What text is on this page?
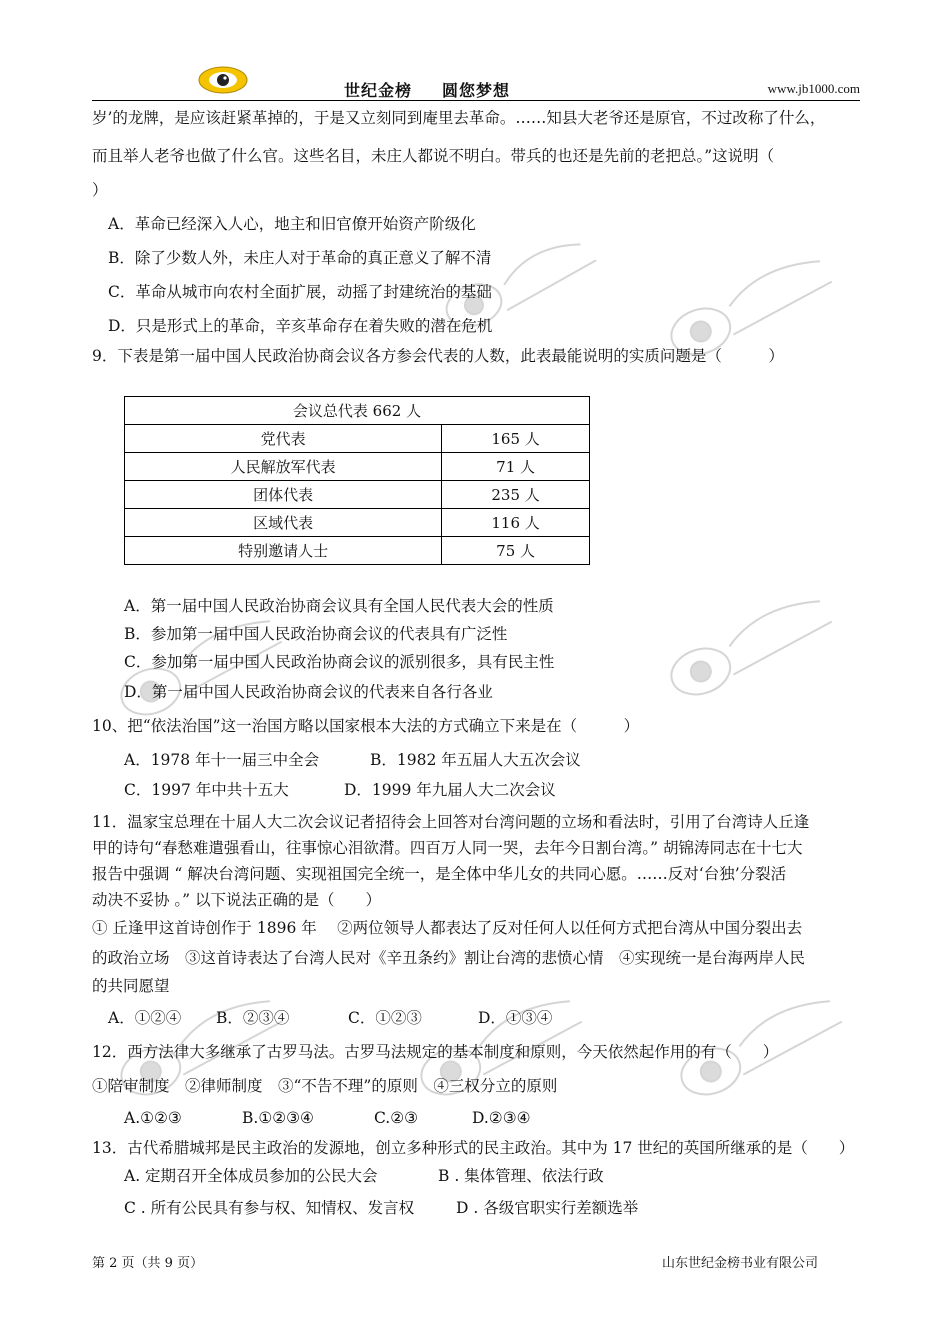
世纪金榜 圆您梦想	www.jb1000.com
岁’的龙牌，是应该赶紧革掉的，于是又立刻同到庵里去革命。……知县大老爷还是原官，不过改称了什么，
而且举人老爷也做了什么官。这些名目，未庄人都说不明白。带兵的也还是先前的老把总。”这说明（
）
A．革命已经深入人心，地主和旧官僚开始资产阶级化
B．除了少数人外，未庄人对于革命的真正意义了解不清
C．革命从城市向农村全面扩展，动摇了封建统治的基础
D．只是形式上的革命，辛亥革命存在着失败的潜在危机
9．下表是第一届中国人民政治协商会议各方参会代表的人数，此表最能说明的实质问题是（　　　）
会议总代表 662 人	
党代表	165 人
人民解放军代表	71 人
团体代表	235 人
区域代表	116 人
特别邀请人士	75 人
A．第一届中国人民政治协商会议具有全国人民代表大会的性质
B．参加第一届中国人民政治协商会议的代表具有广泛性
C．参加第一届中国人民政治协商会议的派别很多，具有民主性
D．第一届中国人民政治协商会议的代表来自各行各业
10、把“依法治国”这一治国方略以国家根本大法的方式确立下来是在（　　　）
A．1978 年十一届三中全会	B．1982 年五届人大五次会议
C．1997 年中共十五大	D．1999 年九届人大二次会议
11．温家宝总理在十届人大二次会议记者招待会上回答对台湾问题的立场和看法时，引用了台湾诗人丘逢
甲的诗句“春愁难遣强看山，往事惊心泪欲潸。四百万人同一哭，去年今日割台湾。” 胡锦涛同志在十七大
报告中强调 “ 解决台湾问题、实现祖国完全统一，是全体中华儿女的共同心愿。……反对‘台独’分裂活
动决不妥协 。” 以下说法正确的是（　　）
① 丘逢甲这首诗创作于 1896 年　 ②两位领导人都表达了反对任何人以任何方式把台湾从中国分裂出去
的政治立场　③这首诗表达了台湾人民对《辛丑条约》割让台湾的悲愤心情　④实现统一是台海两岸人民
的共同愿望
A．①②④ B．②③④	C．①②③	D．①③④
12．西方法律大多继承了古罗马法。古罗马法规定的基本制度和原则，今天依然起作用的有（　　）
①陪审制度　②律师制度　③“不告不理”的原则　④三权分立的原则
A.①②③	B.①②③④	C.②③	D.②③④
13．古代希腊城邦是民主政治的发源地，创立多种形式的民主政治。其中为 17 世纪的英国所继承的是（　　）
A. 定期召开全体成员参加的公民大会	B . 集体管理、依法行政
C . 所有公民具有参与权、知情权、发言权	D . 各级官职实行差额选举
第 2 页（共 9 页）	山东世纪金榜书业有限公司
